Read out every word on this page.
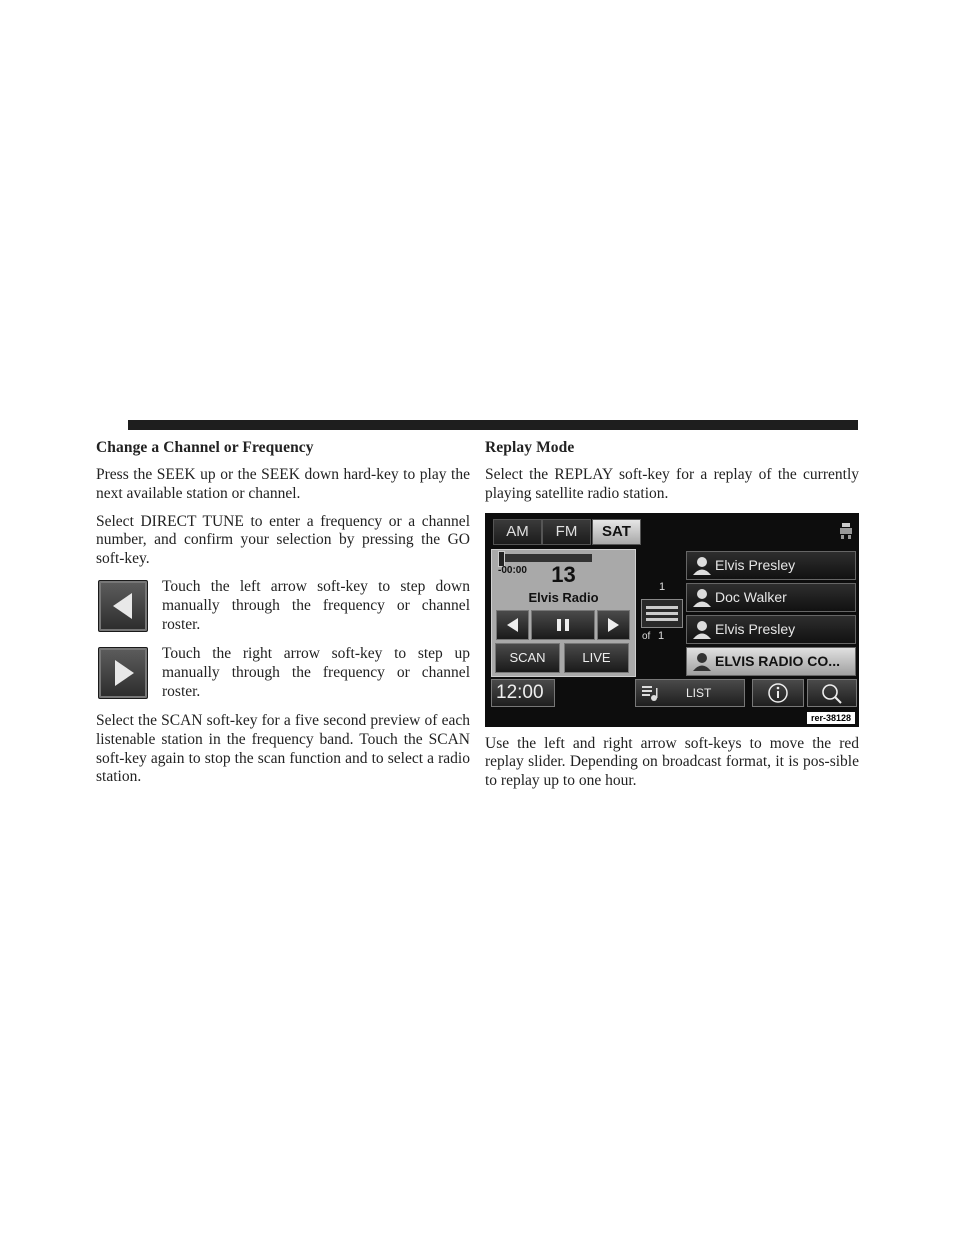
Change a Channel or Frequency

Press the SEEK up or the SEEK down hard-key to play the next available station or channel.

Select DIRECT TUNE to enter a frequency or a channel number, and confirm your selection by pressing the GO soft-key.

Touch the left arrow soft-key to step down manually through the frequency or channel roster.

Touch the right arrow soft-key to step up manually through the frequency or channel roster.

Select the SCAN soft-key for a five second preview of each listenable station in the frequency band. Touch the SCAN soft-key again to stop the scan function and to select a radio station.

Replay Mode

Select the REPLAY soft-key for a replay of the currently playing satellite radio station.

AM	FM	SAT
-00:00	13
Elvis Radio
SCAN	LIVE
1
of 1
Elvis Presley
Doc Walker
Elvis Presley
ELVIS RADIO CO...
12:00	LIST
rer-38128

Use the left and right arrow soft-keys to move the red replay slider. Depending on broadcast format, it is pos-sible to replay up to one hour.
